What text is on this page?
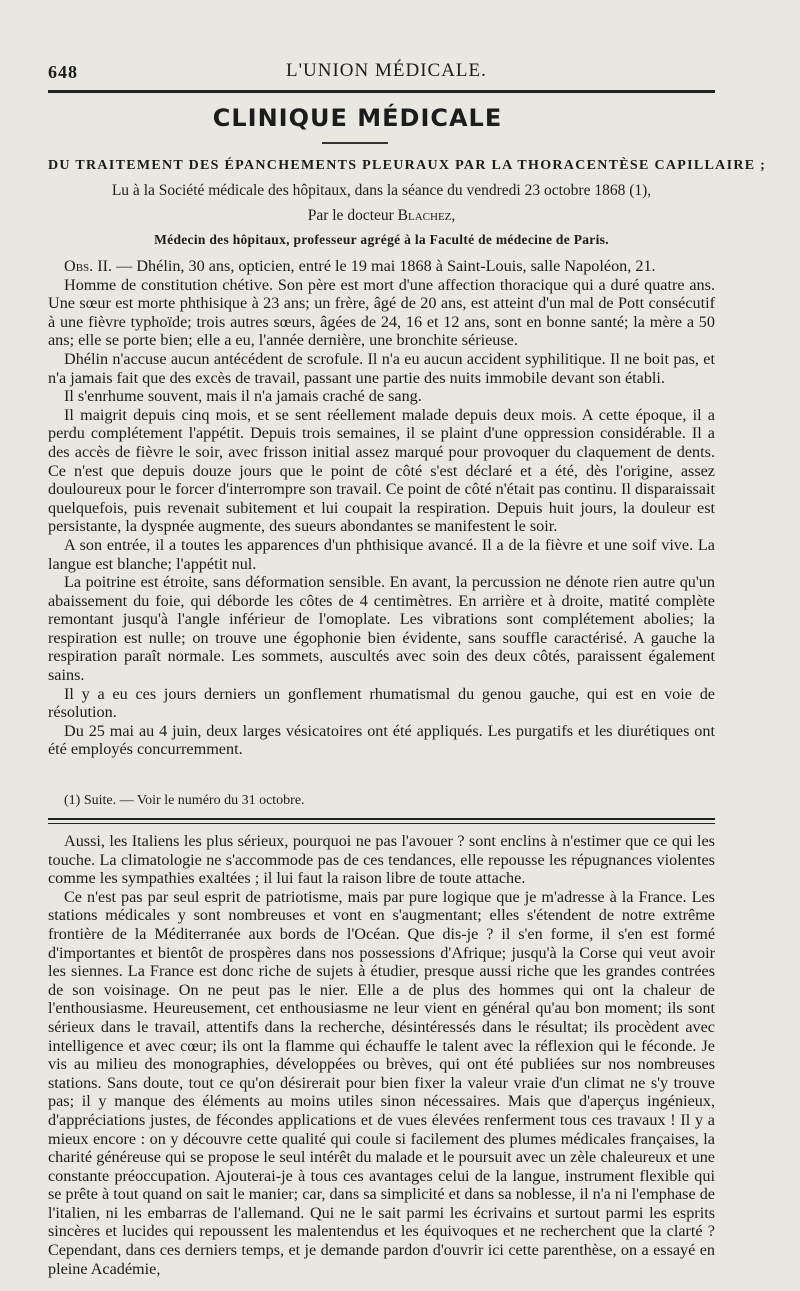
648	L'UNION MÉDICALE.
CLINIQUE MÉDICALE
DU TRAITEMENT DES ÉPANCHEMENTS PLEURAUX PAR LA THORACENTÈSE CAPILLAIRE ;
Lu à la Société médicale des hôpitaux, dans la séance du vendredi 23 octobre 1868 (1),
Par le docteur Blachez,
Médecin des hôpitaux, professeur agrégé à la Faculté de médecine de Paris.

Obs. II. — Dhélin, 30 ans, opticien, entré le 19 mai 1868 à Saint-Louis, salle Napoléon, 21.

Homme de constitution chétive. Son père est mort d'une affection thoracique qui a duré quatre ans. Une sœur est morte phthisique à 23 ans; un frère, âgé de 20 ans, est atteint d'un mal de Pott consécutif à une fièvre typhoïde; trois autres sœurs, âgées de 24, 16 et 12 ans, sont en bonne santé; la mère a 50 ans; elle se porte bien; elle a eu, l'année dernière, une bronchite sérieuse.

Dhélin n'accuse aucun antécédent de scrofule. Il n'a eu aucun accident syphilitique. Il ne boit pas, et n'a jamais fait que des excès de travail, passant une partie des nuits immobile devant son établi.

Il s'enrhume souvent, mais il n'a jamais craché de sang.

Il maigrit depuis cinq mois, et se sent réellement malade depuis deux mois. A cette époque, il a perdu complétement l'appétit. Depuis trois semaines, il se plaint d'une oppression considérable. Il a des accès de fièvre le soir, avec frisson initial assez marqué pour provoquer du claquement de dents. Ce n'est que depuis douze jours que le point de côté s'est déclaré et a été, dès l'origine, assez douloureux pour le forcer d'interrompre son travail. Ce point de côté n'était pas continu. Il disparaissait quelquefois, puis revenait subitement et lui coupait la respiration. Depuis huit jours, la douleur est persistante, la dyspnée augmente, des sueurs abondantes se manifestent le soir.

A son entrée, il a toutes les apparences d'un phthisique avancé. Il a de la fièvre et une soif vive. La langue est blanche; l'appétit nul.

La poitrine est étroite, sans déformation sensible. En avant, la percussion ne dénote rien autre qu'un abaissement du foie, qui déborde les côtes de 4 centimètres. En arrière et à droite, matité complète remontant jusqu'à l'angle inférieur de l'omoplate. Les vibrations sont complétement abolies; la respiration est nulle; on trouve une égophonie bien évidente, sans souffle caractérisé. A gauche la respiration paraît normale. Les sommets, auscultés avec soin des deux côtés, paraissent également sains.

Il y a eu ces jours derniers un gonflement rhumatismal du genou gauche, qui est en voie de résolution.

Du 25 mai au 4 juin, deux larges vésicatoires ont été appliqués. Les purgatifs et les diurétiques ont été employés concurremment.

(1) Suite. — Voir le numéro du 31 octobre.

Aussi, les Italiens les plus sérieux, pourquoi ne pas l'avouer ? sont enclins à n'estimer que ce qui les touche. La climatologie ne s'accommode pas de ces tendances, elle repousse les répugnances violentes comme les sympathies exaltées ; il lui faut la raison libre de toute attache.

Ce n'est pas par seul esprit de patriotisme, mais par pure logique que je m'adresse à la France. Les stations médicales y sont nombreuses et vont en s'augmentant; elles s'étendent de notre extrême frontière de la Méditerranée aux bords de l'Océan. Que dis-je ? il s'en forme, il s'en est formé d'importantes et bientôt de prospères dans nos possessions d'Afrique; jusqu'à la Corse qui veut avoir les siennes. La France est donc riche de sujets à étudier, presque aussi riche que les grandes contrées de son voisinage. On ne peut pas le nier. Elle a de plus des hommes qui ont la chaleur de l'enthousiasme. Heureusement, cet enthousiasme ne leur vient en général qu'au bon moment; ils sont sérieux dans le travail, attentifs dans la recherche, désintéressés dans le résultat; ils procèdent avec intelligence et avec cœur; ils ont la flamme qui échauffe le talent avec la réflexion qui le féconde. Je vis au milieu des monographies, développées ou brèves, qui ont été publiées sur nos nombreuses stations. Sans doute, tout ce qu'on désirerait pour bien fixer la valeur vraie d'un climat ne s'y trouve pas; il y manque des éléments au moins utiles sinon nécessaires. Mais que d'aperçus ingénieux, d'appréciations justes, de fécondes applications et de vues élevées renferment tous ces travaux ! Il y a mieux encore : on y découvre cette qualité qui coule si facilement des plumes médicales françaises, la charité généreuse qui se propose le seul intérêt du malade et le poursuit avec un zèle chaleureux et une constante préoccupation. Ajouterai-je à tous ces avantages celui de la langue, instrument flexible qui se prête à tout quand on sait le manier; car, dans sa simplicité et dans sa noblesse, il n'a ni l'emphase de l'italien, ni les embarras de l'allemand. Qui ne le sait parmi les écrivains et surtout parmi les esprits sincères et lucides qui repoussent les malentendus et les équivoques et ne recherchent que la clarté ? Cependant, dans ces derniers temps, et je demande pardon d'ouvrir ici cette parenthèse, on a essayé en pleine Académie,
